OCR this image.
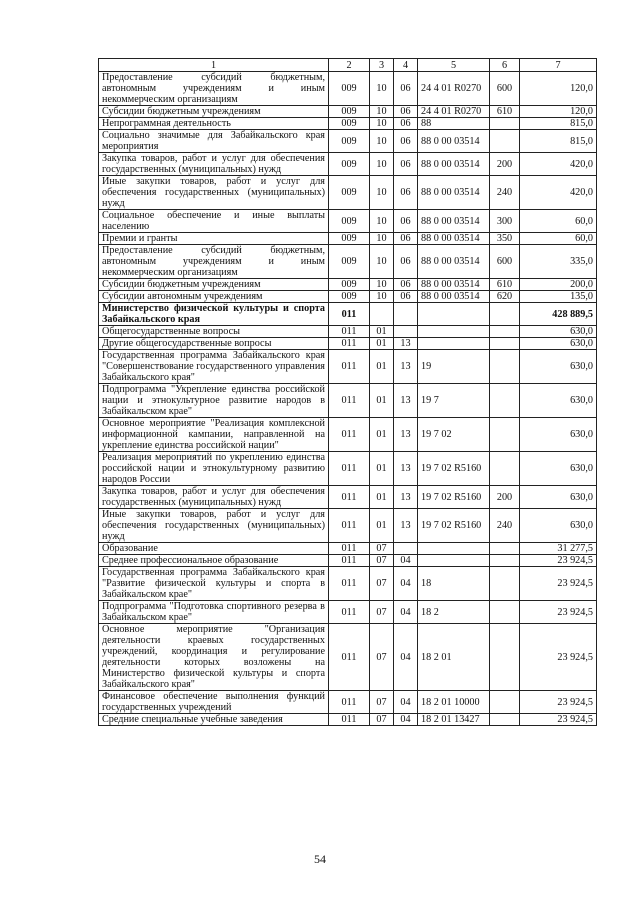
1	2	3	4	5	6	7
Предоставление субсидий бюджетным, автономным учреждениям и иным некоммерческим организациям	009	10	06	24 4 01 R0270	600	120,0
Субсидии бюджетным учреждениям	009	10	06	24 4 01 R0270	610	120,0
Непрограммная деятельность	009	10	06	88		815,0
Социально значимые для Забайкальского края мероприятия	009	10	06	88 0 00 03514		815,0
Закупка товаров, работ и услуг для обеспечения государственных (муниципальных) нужд	009	10	06	88 0 00 03514	200	420,0
Иные закупки товаров, работ и услуг для обеспечения государственных (муниципальных) нужд	009	10	06	88 0 00 03514	240	420,0
Социальное обеспечение и иные выплаты населению	009	10	06	88 0 00 03514	300	60,0
Премии и гранты	009	10	06	88 0 00 03514	350	60,0
Предоставление субсидий бюджетным, автономным учреждениям и иным некоммерческим организациям	009	10	06	88 0 00 03514	600	335,0
Субсидии бюджетным учреждениям	009	10	06	88 0 00 03514	610	200,0
Субсидии автономным учреждениям	009	10	06	88 0 00 03514	620	135,0
Министерство физической культуры и спорта Забайкальского края	011					428 889,5
Общегосударственные вопросы	011	01				630,0
Другие общегосударственные вопросы	011	01	13			630,0
Государственная программа Забайкальского края "Совершенствование государственного управления Забайкальского края"	011	01	13	19		630,0
Подпрограмма "Укрепление единства российской нации и этнокультурное развитие народов в Забайкальском крае"	011	01	13	19 7		630,0
Основное мероприятие "Реализация комплексной информационной кампании, направленной на укрепление единства российской нации"	011	01	13	19 7 02		630,0
Реализация мероприятий по укреплению единства российской нации и этнокультурному развитию народов России	011	01	13	19 7 02 R5160		630,0
Закупка товаров, работ и услуг для обеспечения государственных (муниципальных) нужд	011	01	13	19 7 02 R5160	200	630,0
Иные закупки товаров, работ и услуг для обеспечения государственных (муниципальных) нужд	011	01	13	19 7 02 R5160	240	630,0
Образование	011	07				31 277,5
Среднее профессиональное образование	011	07	04			23 924,5
Государственная программа Забайкальского края "Развитие физической культуры и спорта в Забайкальском крае"	011	07	04	18		23 924,5
Подпрограмма "Подготовка спортивного резерва в Забайкальском крае"	011	07	04	18 2		23 924,5
Основное мероприятие "Организация деятельности краевых государственных учреждений, координация и регулирование деятельности которых возложены на Министерство физической культуры и спорта Забайкальского края"	011	07	04	18 2 01		23 924,5
Финансовое обеспечение выполнения функций государственных учреждений	011	07	04	18 2 01 10000		23 924,5
Средние специальные учебные заведения	011	07	04	18 2 01 13427		23 924,5
54
